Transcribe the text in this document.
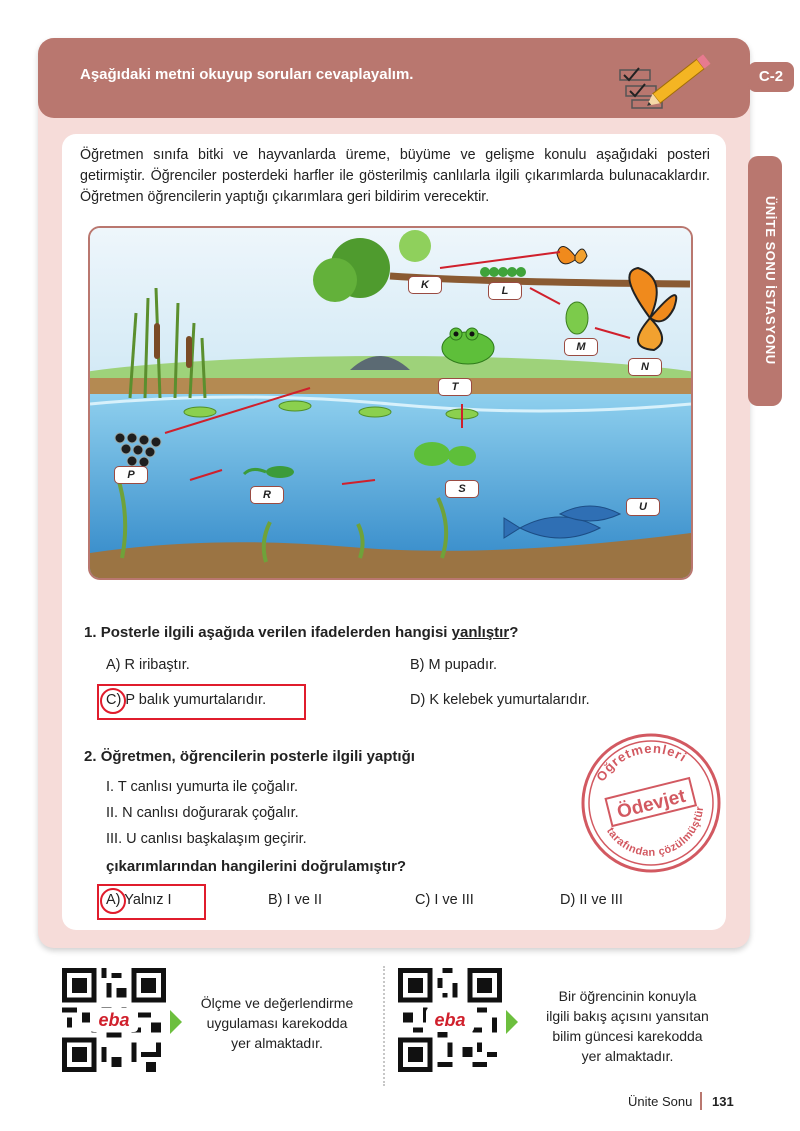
Aşağıdaki metni okuyup soruları cevaplayalım.	C-2
ÜNİTE SONU İSTASYONU
Öğretmen sınıfa bitki ve hayvanlarda üreme, büyüme ve gelişme konulu aşağıdaki posteri getirmiştir. Öğrenciler posterdeki harfler ile gösterilmiş canlılarla ilgili çıkarımlarda bulunacaklardır. Öğretmen öğrencilerin yaptığı çıkarımlara geri bildirim verecektir.
K	L
M
N
T
P
R	S
U
1. Posterle ilgili aşağıda verilen ifadelerden hangisi yanlıştır?
A) R iribaştır.	B) M pupadır.
C) P balık yumurtalarıdır.	D) K kelebek yumurtalarıdır.
2. Öğretmen, öğrencilerin posterle ilgili yaptığı
I. T canlısı yumurta ile çoğalır.
II. N canlısı doğurarak çoğalır.
III. U canlısı başkalaşım geçirir.
çıkarımlarından hangilerini doğrulamıştır?
A) Yalnız I	B) I ve II	C) I ve III	D) II ve III
Öğretmenleri
Ödevjet
tarafından çözülmüştür
eba
Ölçme ve değerlendirme
uygulaması karekodda
yer almaktadır.
eba
Bir öğrencinin konuyla
ilgili bakış açısını yansıtan
bilim güncesi karekodda
yer almaktadır.
Ünite Sonu 131
